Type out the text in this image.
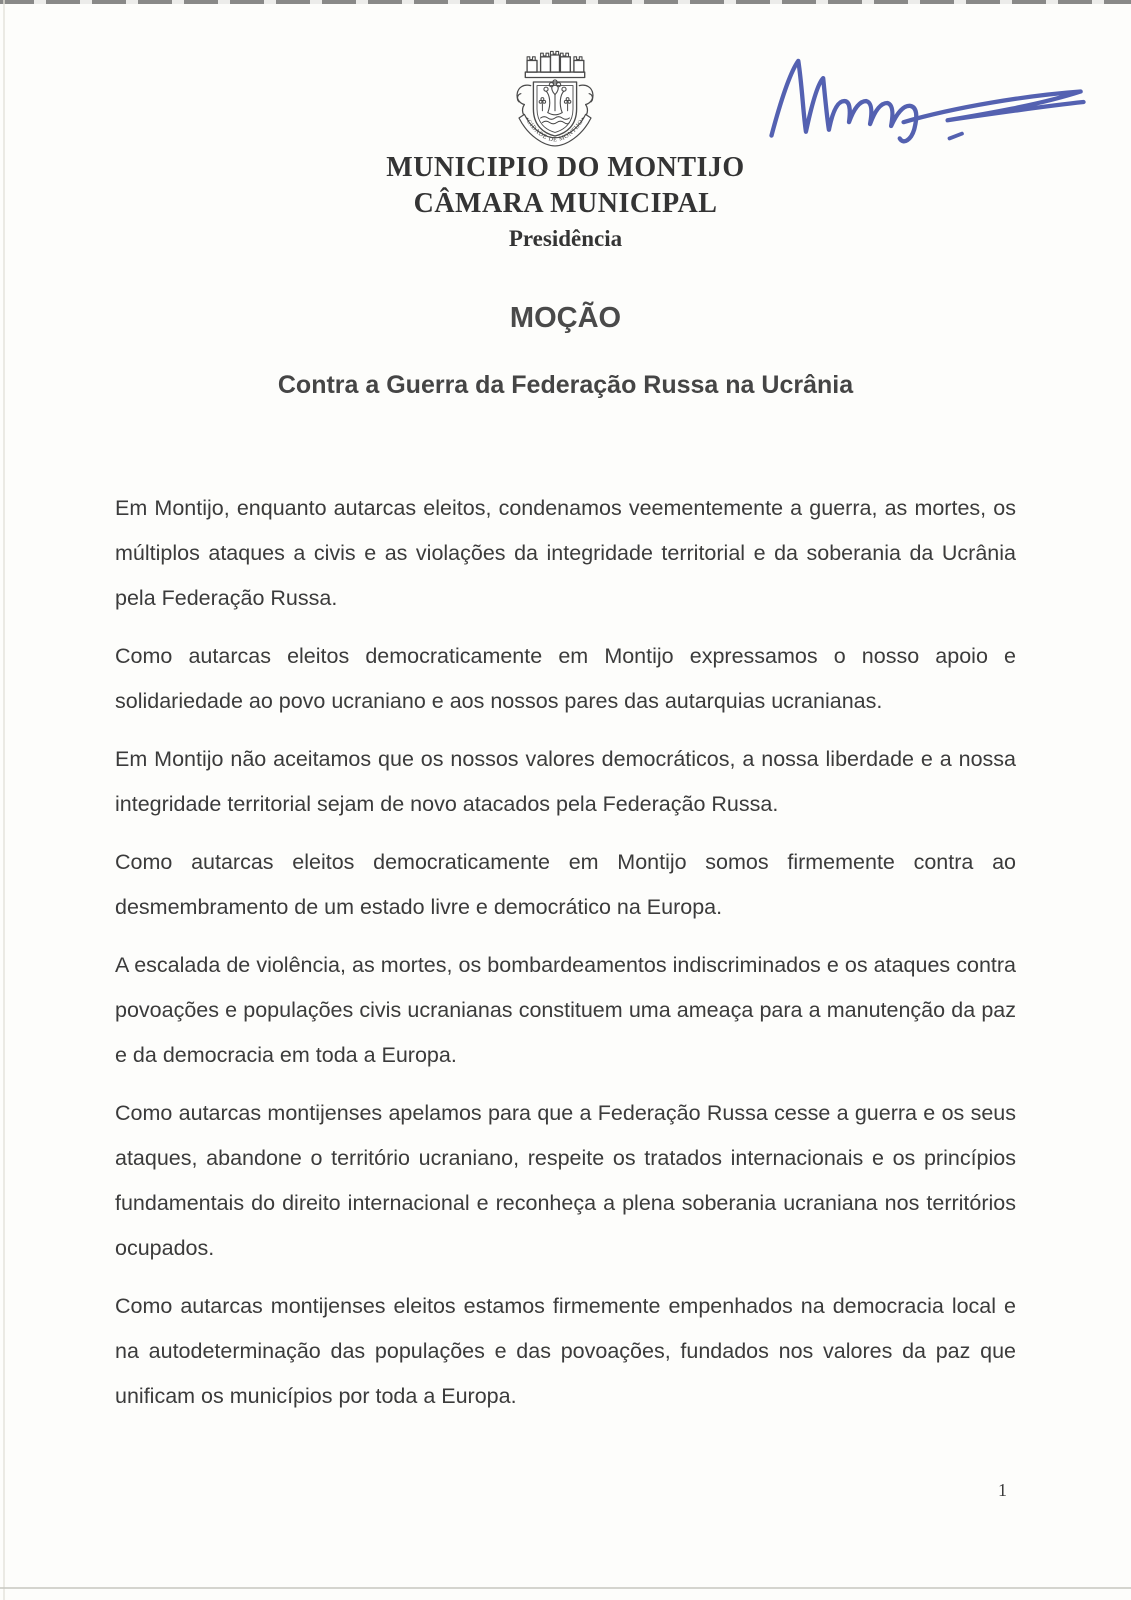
CIDADE DE MONTIJO
MUNICIPIO DO MONTIJO
CÂMARA MUNICIPAL
Presidência
MOÇÃO
Contra a Guerra da Federação Russa na Ucrânia

Em Montijo, enquanto autarcas eleitos, condenamos veementemente a guerra, as mortes, os múltiplos ataques a civis e as violações da integridade territorial e da soberania da Ucrânia pela Federação Russa.

Como autarcas eleitos democraticamente em Montijo expressamos o nosso apoio e solidariedade ao povo ucraniano e aos nossos pares das autarquias ucranianas.

Em Montijo não aceitamos que os nossos valores democráticos, a nossa liberdade e a nossa integridade territorial sejam de novo atacados pela Federação Russa.

Como autarcas eleitos democraticamente em Montijo somos firmemente contra ao desmembramento de um estado livre e democrático na Europa.

A escalada de violência, as mortes, os bombardeamentos indiscriminados e os ataques contra povoações e populações civis ucranianas constituem uma ameaça para a manutenção da paz e da democracia em toda a Europa.

Como autarcas montijenses apelamos para que a Federação Russa cesse a guerra e os seus ataques, abandone o território ucraniano, respeite os tratados internacionais e os princípios fundamentais do direito internacional e reconheça a plena soberania ucraniana nos territórios ocupados.

Como autarcas montijenses eleitos estamos firmemente empenhados na democracia local e na autodeterminação das populações e das povoações, fundados nos valores da paz que unificam os municípios por toda a Europa.

1
